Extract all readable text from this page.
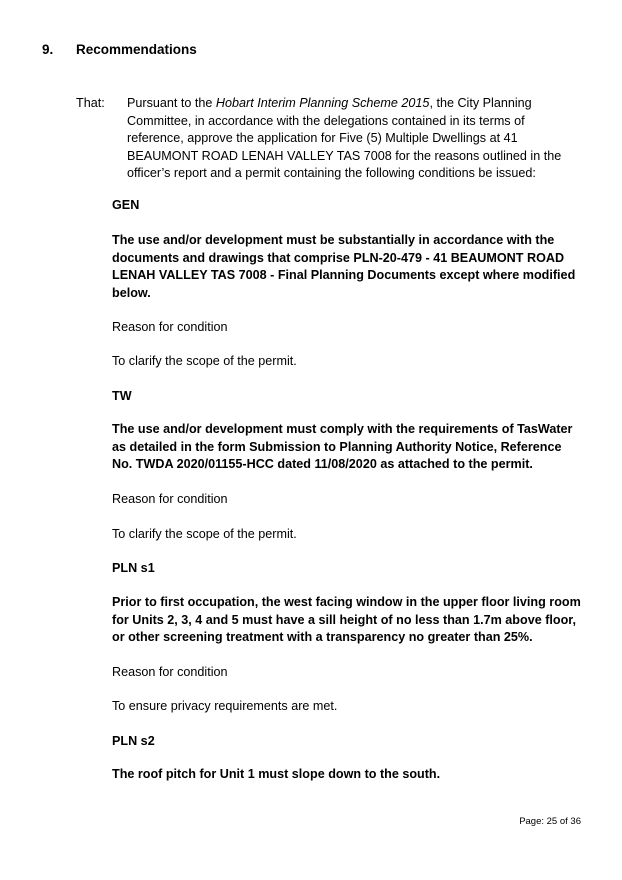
9. Recommendations
That: Pursuant to the Hobart Interim Planning Scheme 2015, the City Planning Committee, in accordance with the delegations contained in its terms of reference, approve the application for Five (5) Multiple Dwellings at 41 BEAUMONT ROAD LENAH VALLEY TAS 7008 for the reasons outlined in the officer’s report and a permit containing the following conditions be issued:
GEN
The use and/or development must be substantially in accordance with the documents and drawings that comprise PLN-20-479 - 41 BEAUMONT ROAD LENAH VALLEY TAS 7008 - Final Planning Documents except where modified below.
Reason for condition
To clarify the scope of the permit.
TW
The use and/or development must comply with the requirements of TasWater as detailed in the form Submission to Planning Authority Notice, Reference No. TWDA 2020/01155-HCC dated 11/08/2020 as attached to the permit.
Reason for condition
To clarify the scope of the permit.
PLN s1
Prior to first occupation, the west facing window in the upper floor living room for Units 2, 3, 4 and 5 must have a sill height of no less than 1.7m above floor, or other screening treatment with a transparency no greater than 25%.
Reason for condition
To ensure privacy requirements are met.
PLN s2
The roof pitch for Unit 1 must slope down to the south.
Page: 25 of 36
